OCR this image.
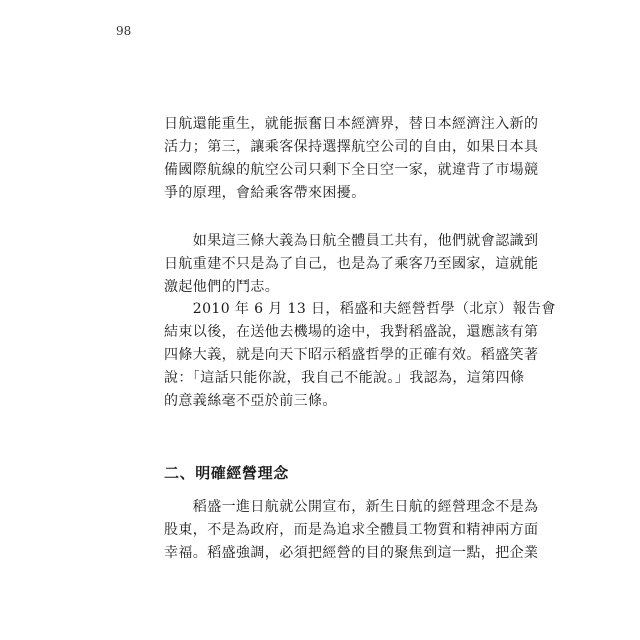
98

日航還能重生，就能振奮日本經濟界，替日本經濟注入新的
活力；第三，讓乘客保持選擇航空公司的自由，如果日本具
備國際航線的航空公司只剩下全日空一家，就違背了市場競
爭的原理，會給乘客帶來困擾。

　　如果這三條大義為日航全體員工共有，他們就會認識到
日航重建不只是為了自己，也是為了乘客乃至國家，這就能
激起他們的鬥志。

　　2010 年 6 月 13 日，稻盛和夫經營哲學（北京）報告會
結束以後，在送他去機場的途中，我對稻盛說，還應該有第
四條大義，就是向天下昭示稻盛哲學的正確有效。稻盛笑著
說：「這話只能你說，我自己不能說。」我認為，這第四條
的意義絲毫不亞於前三條。

二、明確經營理念

　　稻盛一進日航就公開宣布，新生日航的經營理念不是為
股東，不是為政府，而是為追求全體員工物質和精神兩方面
幸福。稻盛強調，必須把經營的目的聚焦到這一點，把企業
